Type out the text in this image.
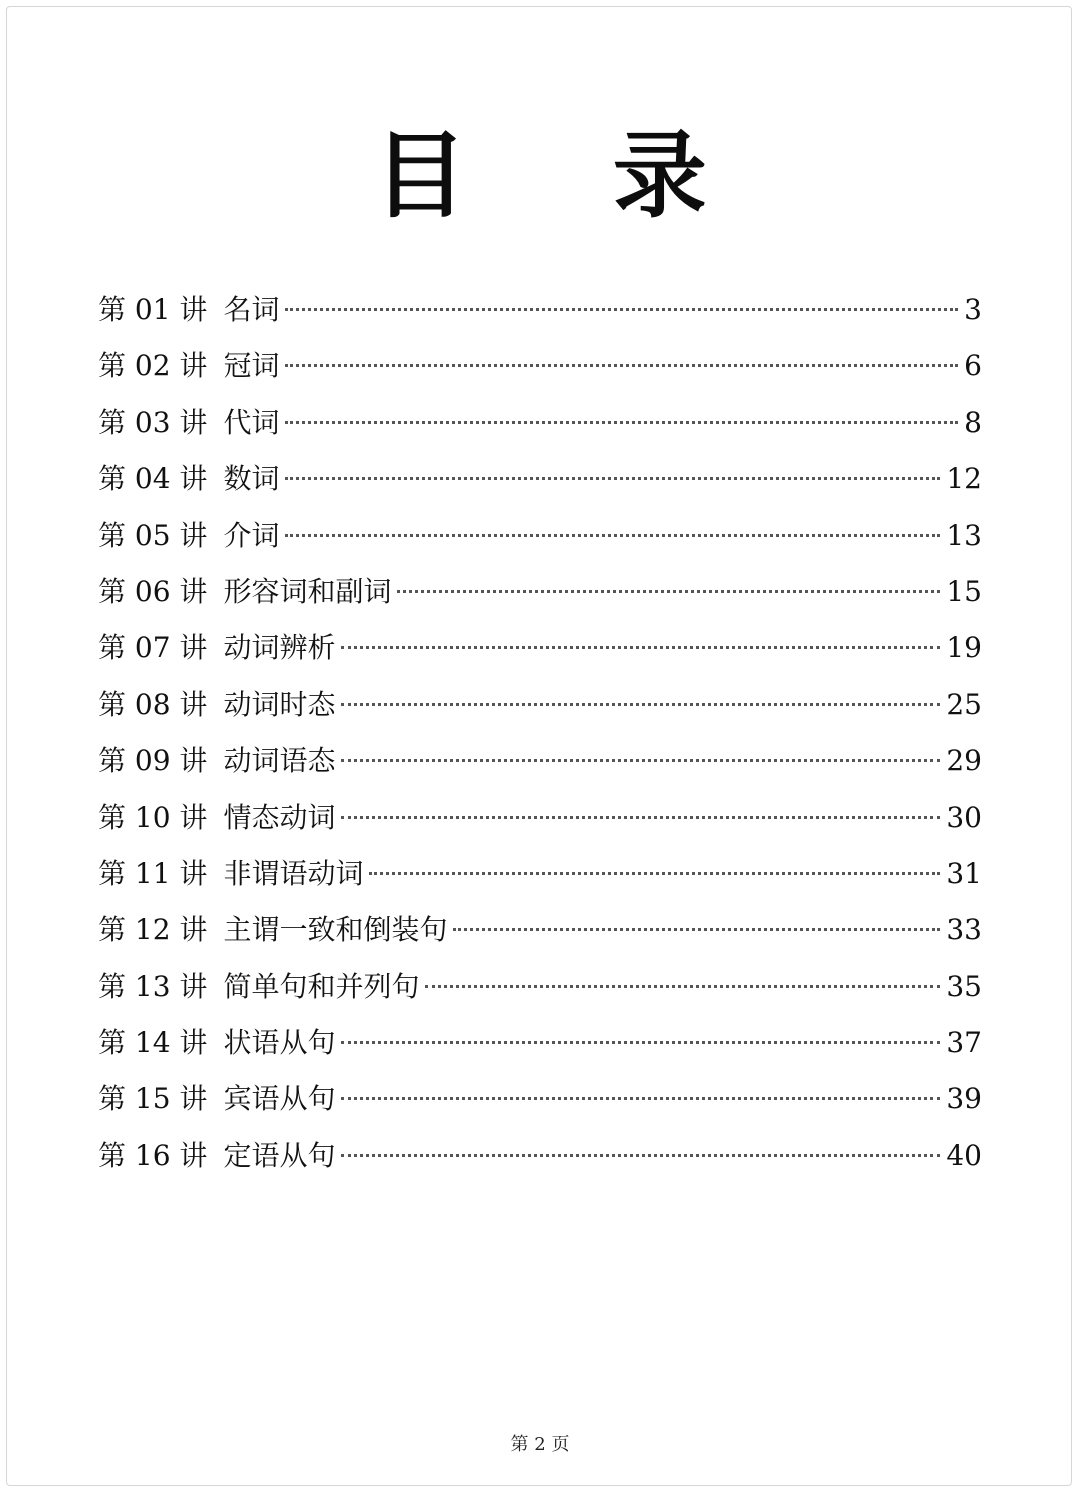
目 录
第 01 讲 名词	3
第 02 讲 冠词	6
第 03 讲 代词	8
第 04 讲 数词	12
第 05 讲 介词	13
第 06 讲 形容词和副词	15
第 07 讲 动词辨析	19
第 08 讲 动词时态	25
第 09 讲 动词语态	29
第 10 讲 情态动词	30
第 11 讲 非谓语动词	31
第 12 讲 主谓一致和倒装句	33
第 13 讲 简单句和并列句	35
第 14 讲 状语从句	37
第 15 讲 宾语从句	39
第 16 讲 定语从句	40
第 2 页
